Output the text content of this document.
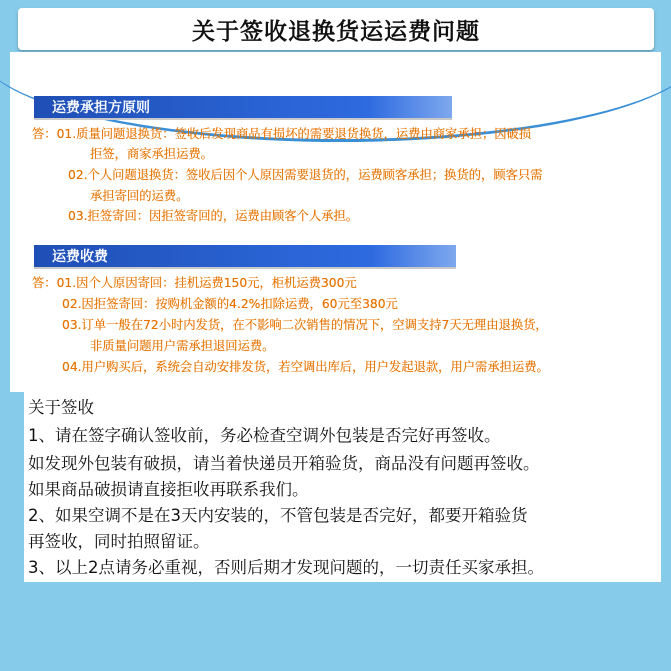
关于签收退换货运运费问题
运费承担方原则
答：01.质量问题退换货：签收后发现商品有损坏的需要退货换货，运费由商家承担；因破损
拒签，商家承担运费。
02.个人问题退换货：签收后因个人原因需要退货的，运费顾客承担；换货的，顾客只需
承担寄回的运费。
03.拒签寄回：因拒签寄回的，运费由顾客个人承担。
运费收费
答：01.因个人原因寄回：挂机运费150元，柜机运费300元
02.因拒签寄回：按购机金额的4.2%扣除运费，60元至380元
03.订单一般在72小时内发货，在不影响二次销售的情况下，空调支持7天无理由退换货，
非质量问题用户需承担退回运费。
04.用户购买后，系统会自动安排发货，若空调出库后，用户发起退款，用户需承担运费。
关于签收
1、请在签字确认签收前，务必检查空调外包装是否完好再签收。
如发现外包装有破损，请当着快递员开箱验货，商品没有问题再签收。
如果商品破损请直接拒收再联系我们。
2、如果空调不是在3天内安装的，不管包装是否完好，都要开箱验货
再签收，同时拍照留证。
3、以上2点请务必重视，否则后期才发现问题的，一切责任买家承担。
